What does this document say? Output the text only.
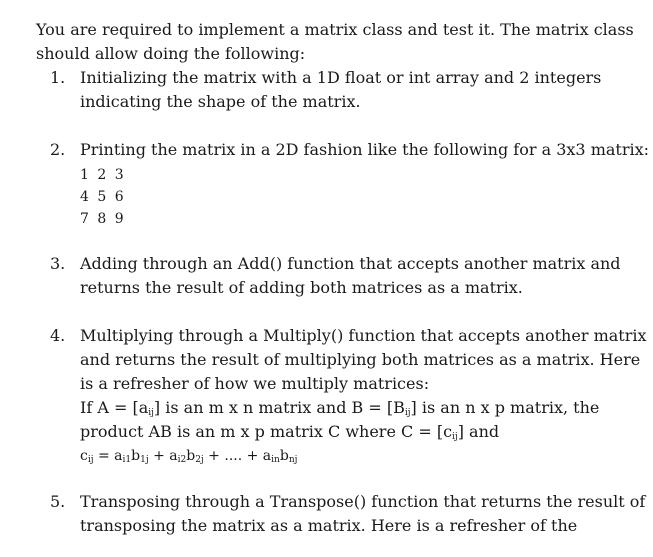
You are required to implement a matrix class and test it. The matrix class
should allow doing the following:

1. Initializing the matrix with a 1D float or int array and 2 integers
indicating the shape of the matrix.
2. Printing the matrix in a 2D fashion like the following for a 3x3 matrix:
1 2 3
4 5 6
7 8 9
3. Adding through an Add() function that accepts another matrix and
returns the result of adding both matrices as a matrix.
4. Multiplying through a Multiply() function that accepts another matrix
and returns the result of multiplying both matrices as a matrix. Here
is a refresher of how we multiply matrices:
If $A = [a_{ij}]$ is an m x n matrix and $B = [B_{ij}]$ is an n x p matrix, the
product AB is an m x p matrix C where $C = [c_{ij}]$ and
$c_{ij} = a_{i1}b_{1j} + a_{i2}b_{2j}$ + .... + $a_{in}b_{nj}$
5. Transposing through a Transpose() function that returns the result of
transposing the matrix as a matrix. Here is a refresher of the
